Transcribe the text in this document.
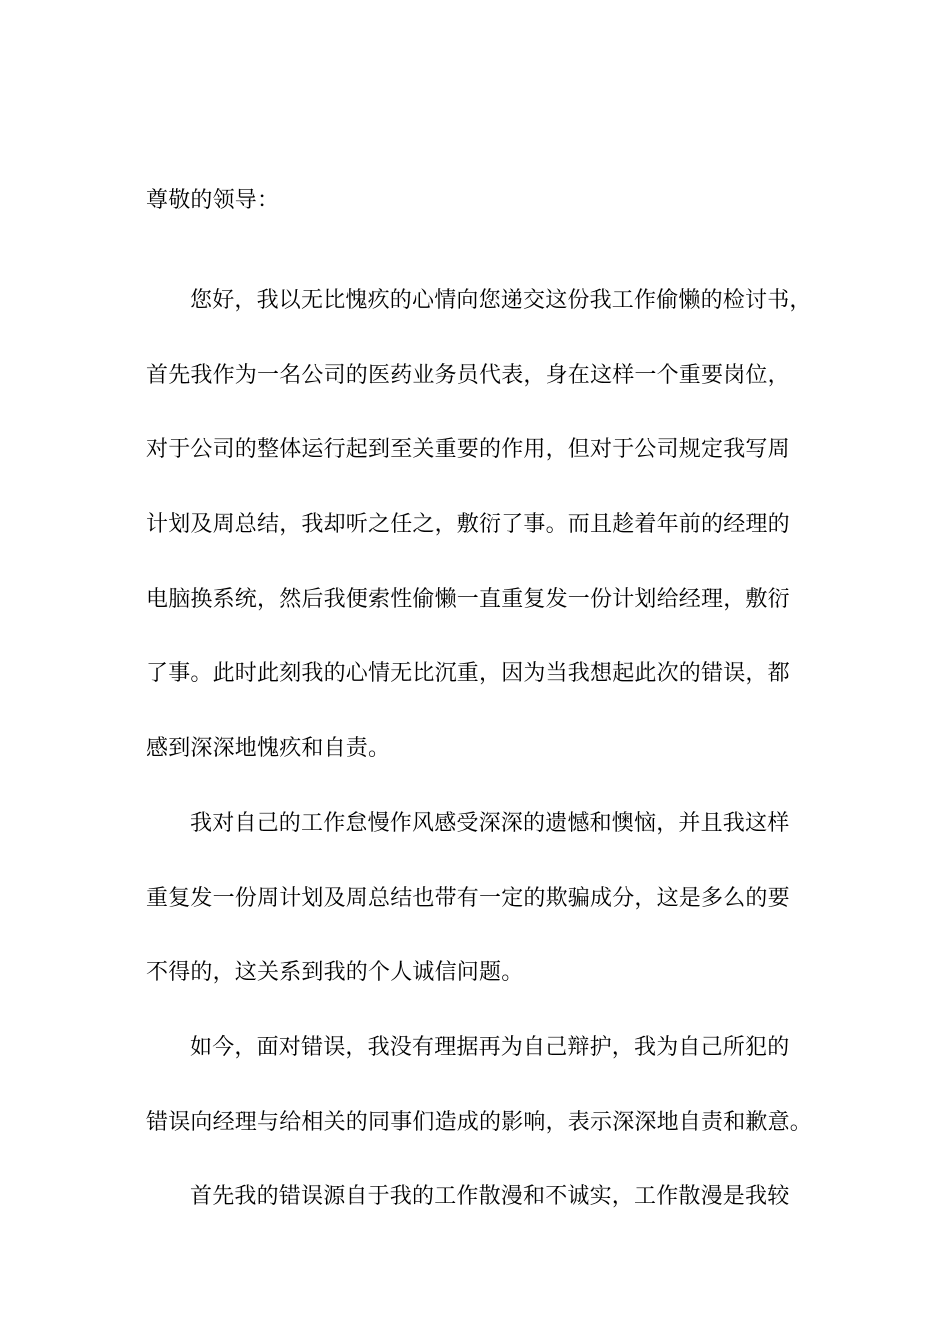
尊敬的领导：
您好，我以无比愧疚的心情向您递交这份我工作偷懒的检讨书，
首先我作为一名公司的医药业务员代表，身在这样一个重要岗位，
对于公司的整体运行起到至关重要的作用，但对于公司规定我写周
计划及周总结，我却听之任之，敷衍了事。而且趁着年前的经理的
电脑换系统，然后我便索性偷懒一直重复发一份计划给经理，敷衍
了事。此时此刻我的心情无比沉重，因为当我想起此次的错误，都
感到深深地愧疚和自责。
我对自己的工作怠慢作风感受深深的遗憾和懊恼，并且我这样
重复发一份周计划及周总结也带有一定的欺骗成分，这是多么的要
不得的，这关系到我的个人诚信问题。
如今，面对错误，我没有理据再为自己辩护，我为自己所犯的
错误向经理与给相关的同事们造成的影响，表示深深地自责和歉意。
首先我的错误源自于我的工作散漫和不诚实，工作散漫是我较
